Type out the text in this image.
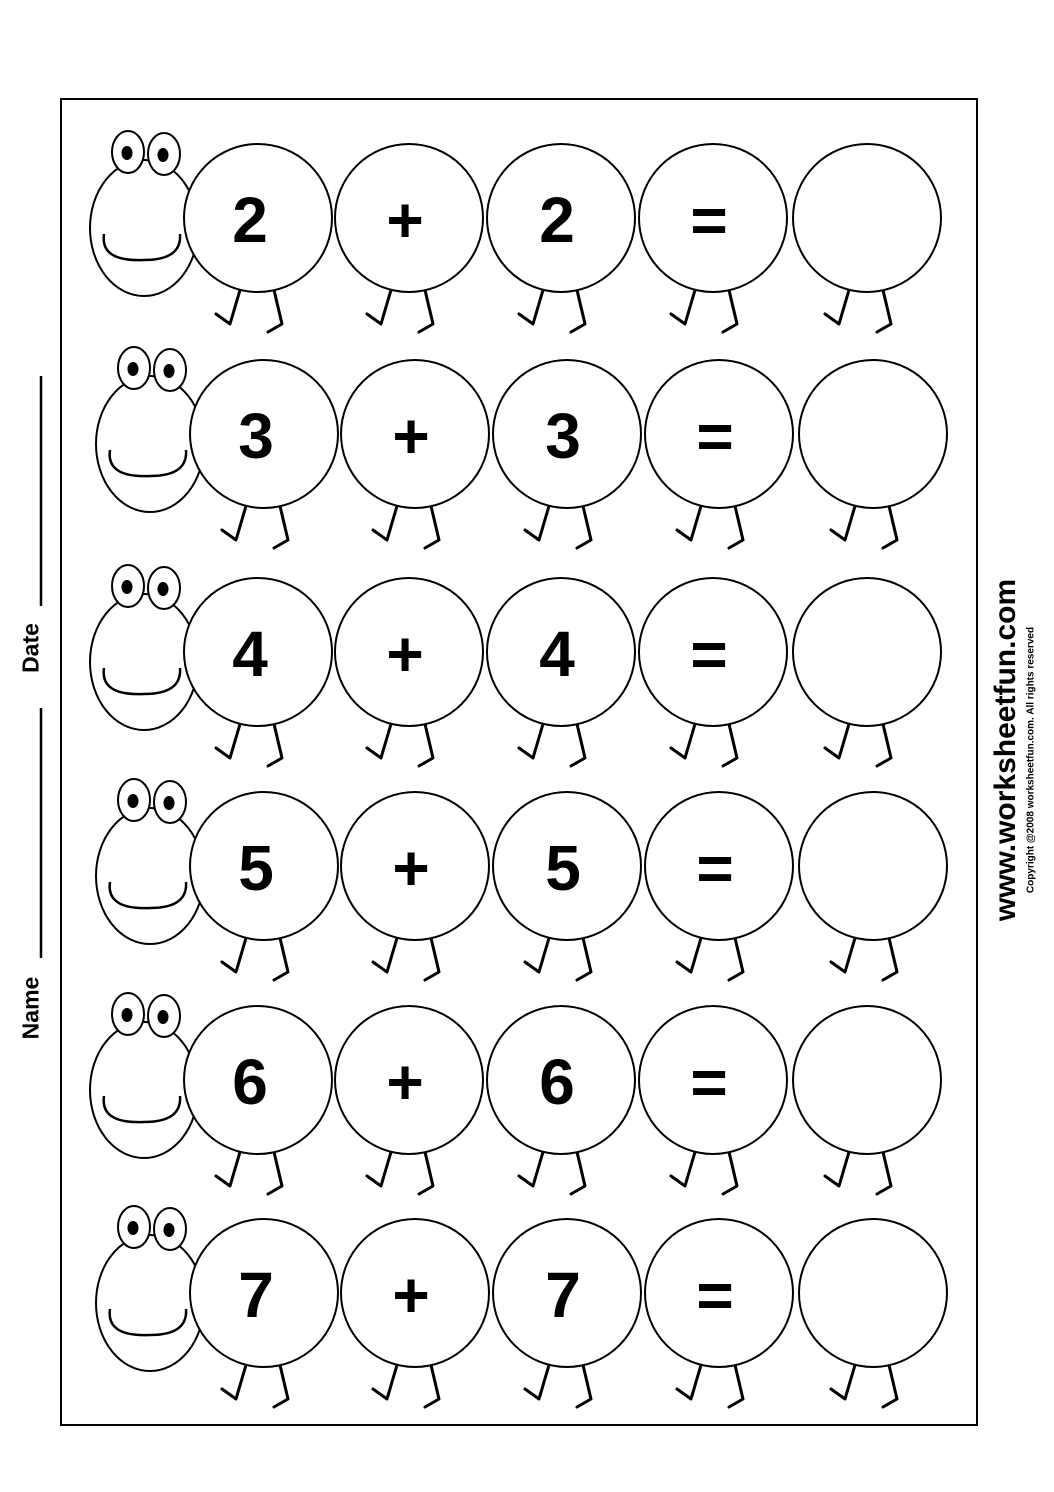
2 + 2 =
3 + 3 =
4 + 4 =
5 + 5 =
6 + 6 =
7 + 7 =
Date
Name
www.worksheetfun.com Copyright @2008 worksheetfun.com. All rights reserved
